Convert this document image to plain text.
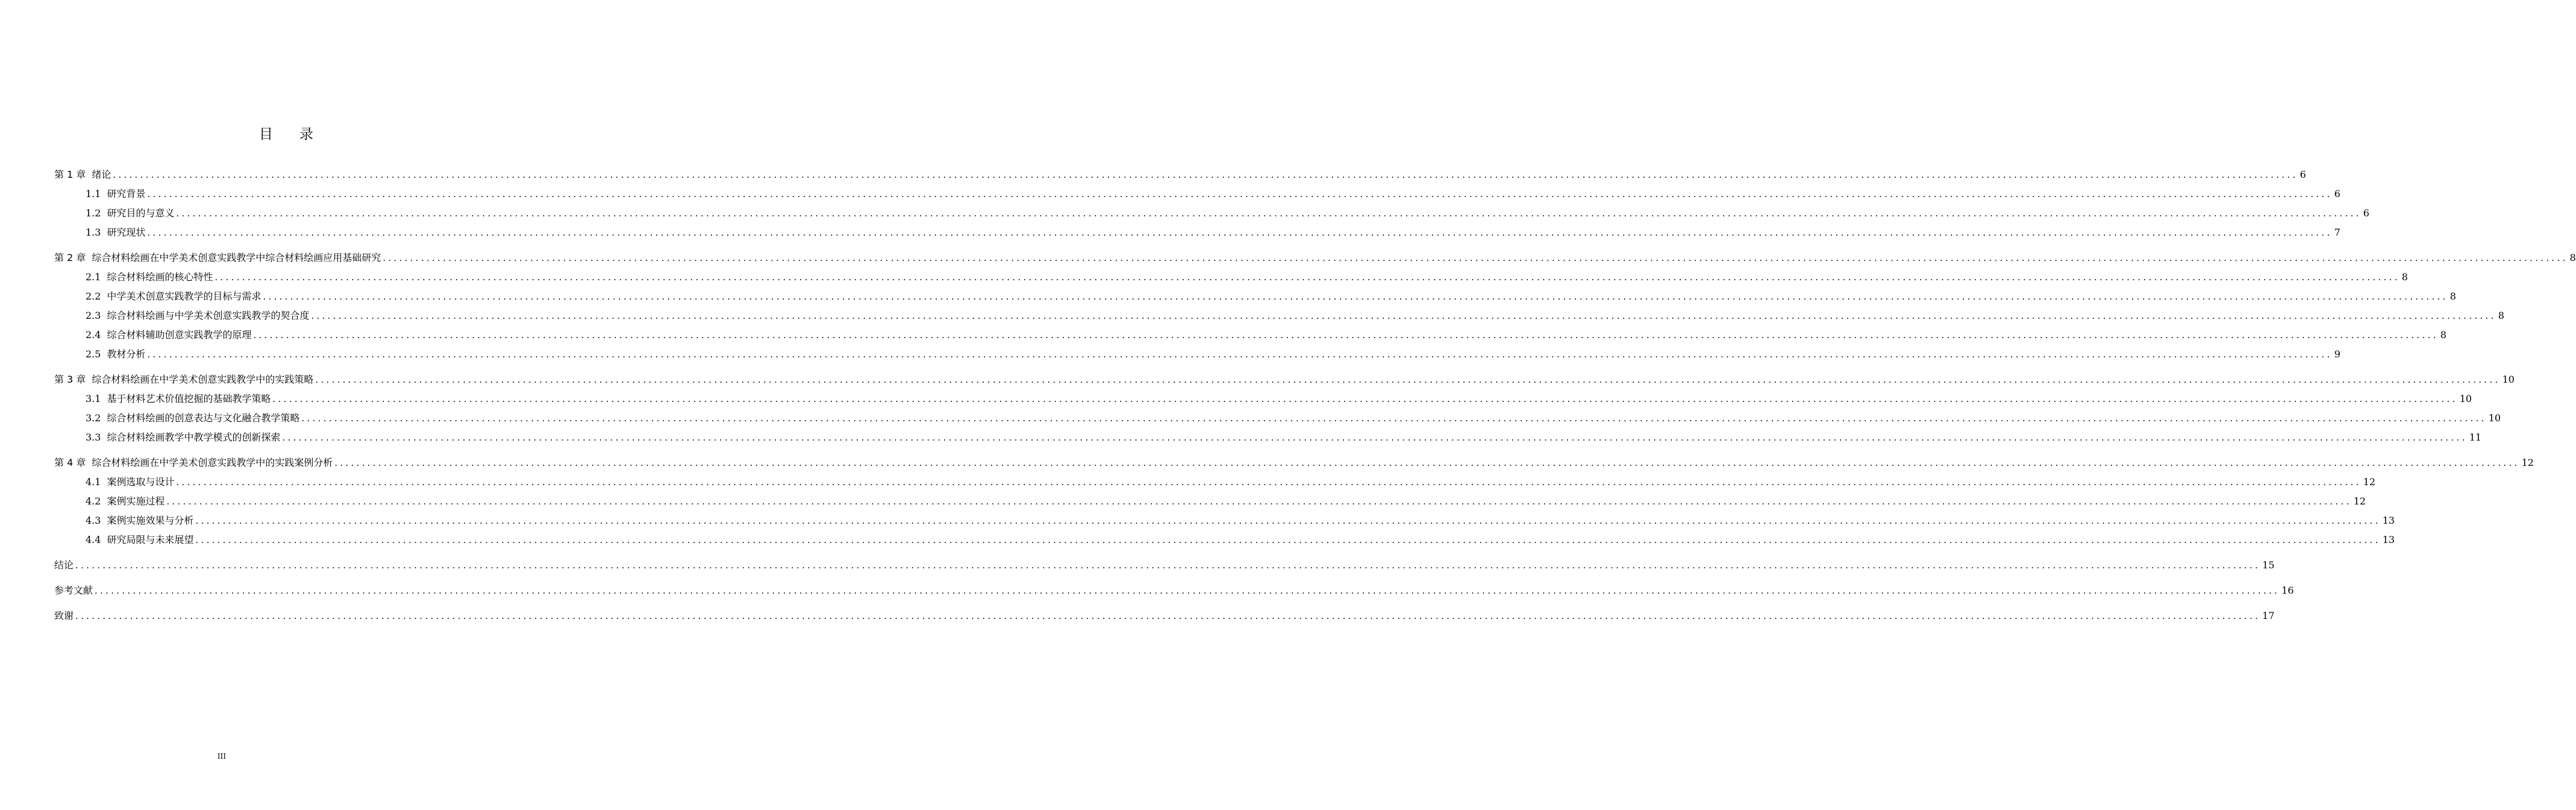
目录
第 1 章 绪论 ................................................................................................................................................................................................................................................................................................................................................................................................................ 6
1.1 研究背景 ................................................................................................................................................................................................................................................................................................................................................................................................................ 6
1.2 研究目的与意义 ................................................................................................................................................................................................................................................................................................................................................................................................................ 6
1.3 研究现状 ................................................................................................................................................................................................................................................................................................................................................................................................................ 7
第 2 章 综合材料绘画在中学美术创意实践教学中综合材料绘画应用基础研究 ................................................................................................................................................................................................................................................................................................................................................................................................................ 8
2.1 综合材料绘画的核心特性 ................................................................................................................................................................................................................................................................................................................................................................................................................ 8
2.2 中学美术创意实践教学的目标与需求 ................................................................................................................................................................................................................................................................................................................................................................................................................ 8
2.3 综合材料绘画与中学美术创意实践教学的契合度 ................................................................................................................................................................................................................................................................................................................................................................................................................ 8
2.4 综合材料辅助创意实践教学的原理 ................................................................................................................................................................................................................................................................................................................................................................................................................ 8
2.5 教材分析 ................................................................................................................................................................................................................................................................................................................................................................................................................ 9
第 3 章 综合材料绘画在中学美术创意实践教学中的实践策略 ................................................................................................................................................................................................................................................................................................................................................................................................................ 10
3.1 基于材料艺术价值挖掘的基础教学策略 ................................................................................................................................................................................................................................................................................................................................................................................................................ 10
3.2 综合材料绘画的创意表达与文化融合教学策略 ................................................................................................................................................................................................................................................................................................................................................................................................................ 10
3.3 综合材料绘画教学中教学模式的创新探索 ................................................................................................................................................................................................................................................................................................................................................................................................................ 11
第 4 章 综合材料绘画在中学美术创意实践教学中的实践案例分析 ................................................................................................................................................................................................................................................................................................................................................................................................................ 12
4.1 案例选取与设计 ................................................................................................................................................................................................................................................................................................................................................................................................................ 12
4.2 案例实施过程 ................................................................................................................................................................................................................................................................................................................................................................................................................ 12
4.3 案例实施效果与分析 ................................................................................................................................................................................................................................................................................................................................................................................................................ 13
4.4 研究局限与未来展望 ................................................................................................................................................................................................................................................................................................................................................................................................................ 13
结论 ................................................................................................................................................................................................................................................................................................................................................................................................................ 15
参考文献 ................................................................................................................................................................................................................................................................................................................................................................................................................ 16
致谢 ................................................................................................................................................................................................................................................................................................................................................................................................................ 17
III
